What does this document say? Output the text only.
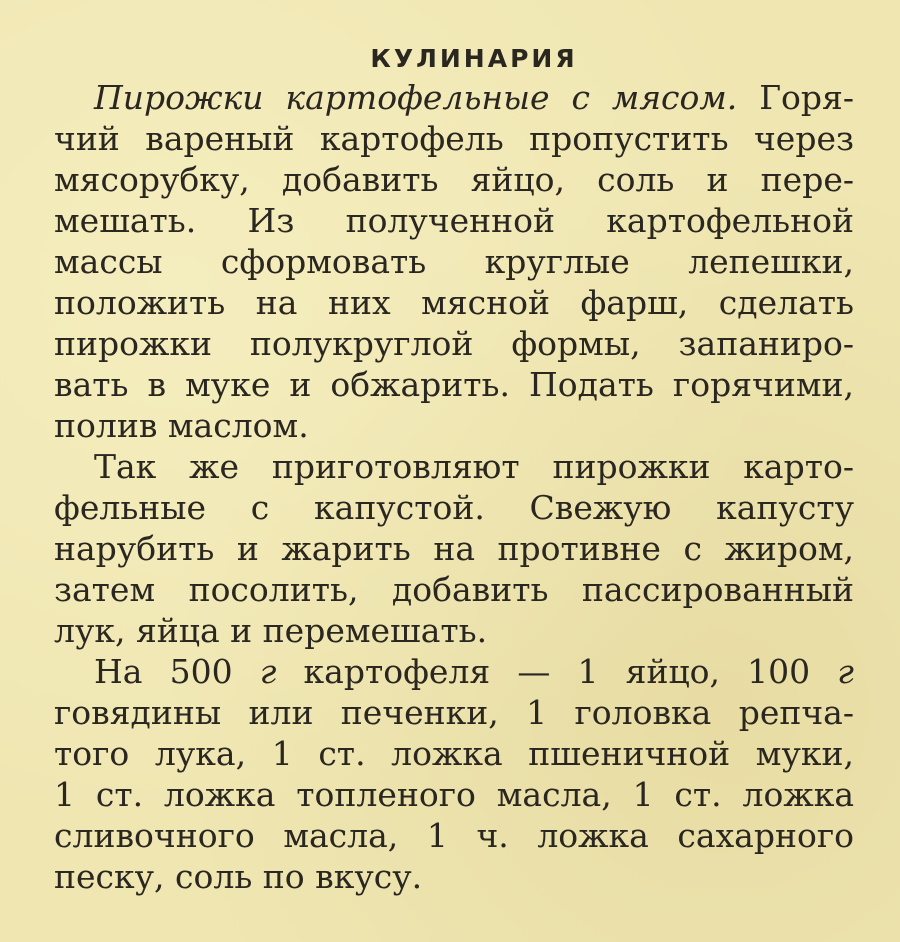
КУЛИНАРИЯ
Пирожки картофельные с мясом. Горя-
чий вареный картофель пропустить через
мясорубку, добавить яйцо, соль и пере-
мешать. Из полученной картофельной
массы сформовать круглые лепешки,
положить на них мясной фарш, сделать
пирожки полукруглой формы, запаниро-
вать в муке и обжарить. Подать горячими,
полив маслом.
Так же приготовляют пирожки карто-
фельные с капустой. Свежую капусту
нарубить и жарить на противне с жиром,
затем посолить, добавить пассированный
лук, яйца и перемешать.
На 500 г картофеля — 1 яйцо, 100 г
говядины или печенки, 1 головка репча-
того лука, 1 ст. ложка пшеничной муки,
1 ст. ложка топленого масла, 1 ст. ложка
сливочного масла, 1 ч. ложка сахарного
песку, соль по вкусу.
